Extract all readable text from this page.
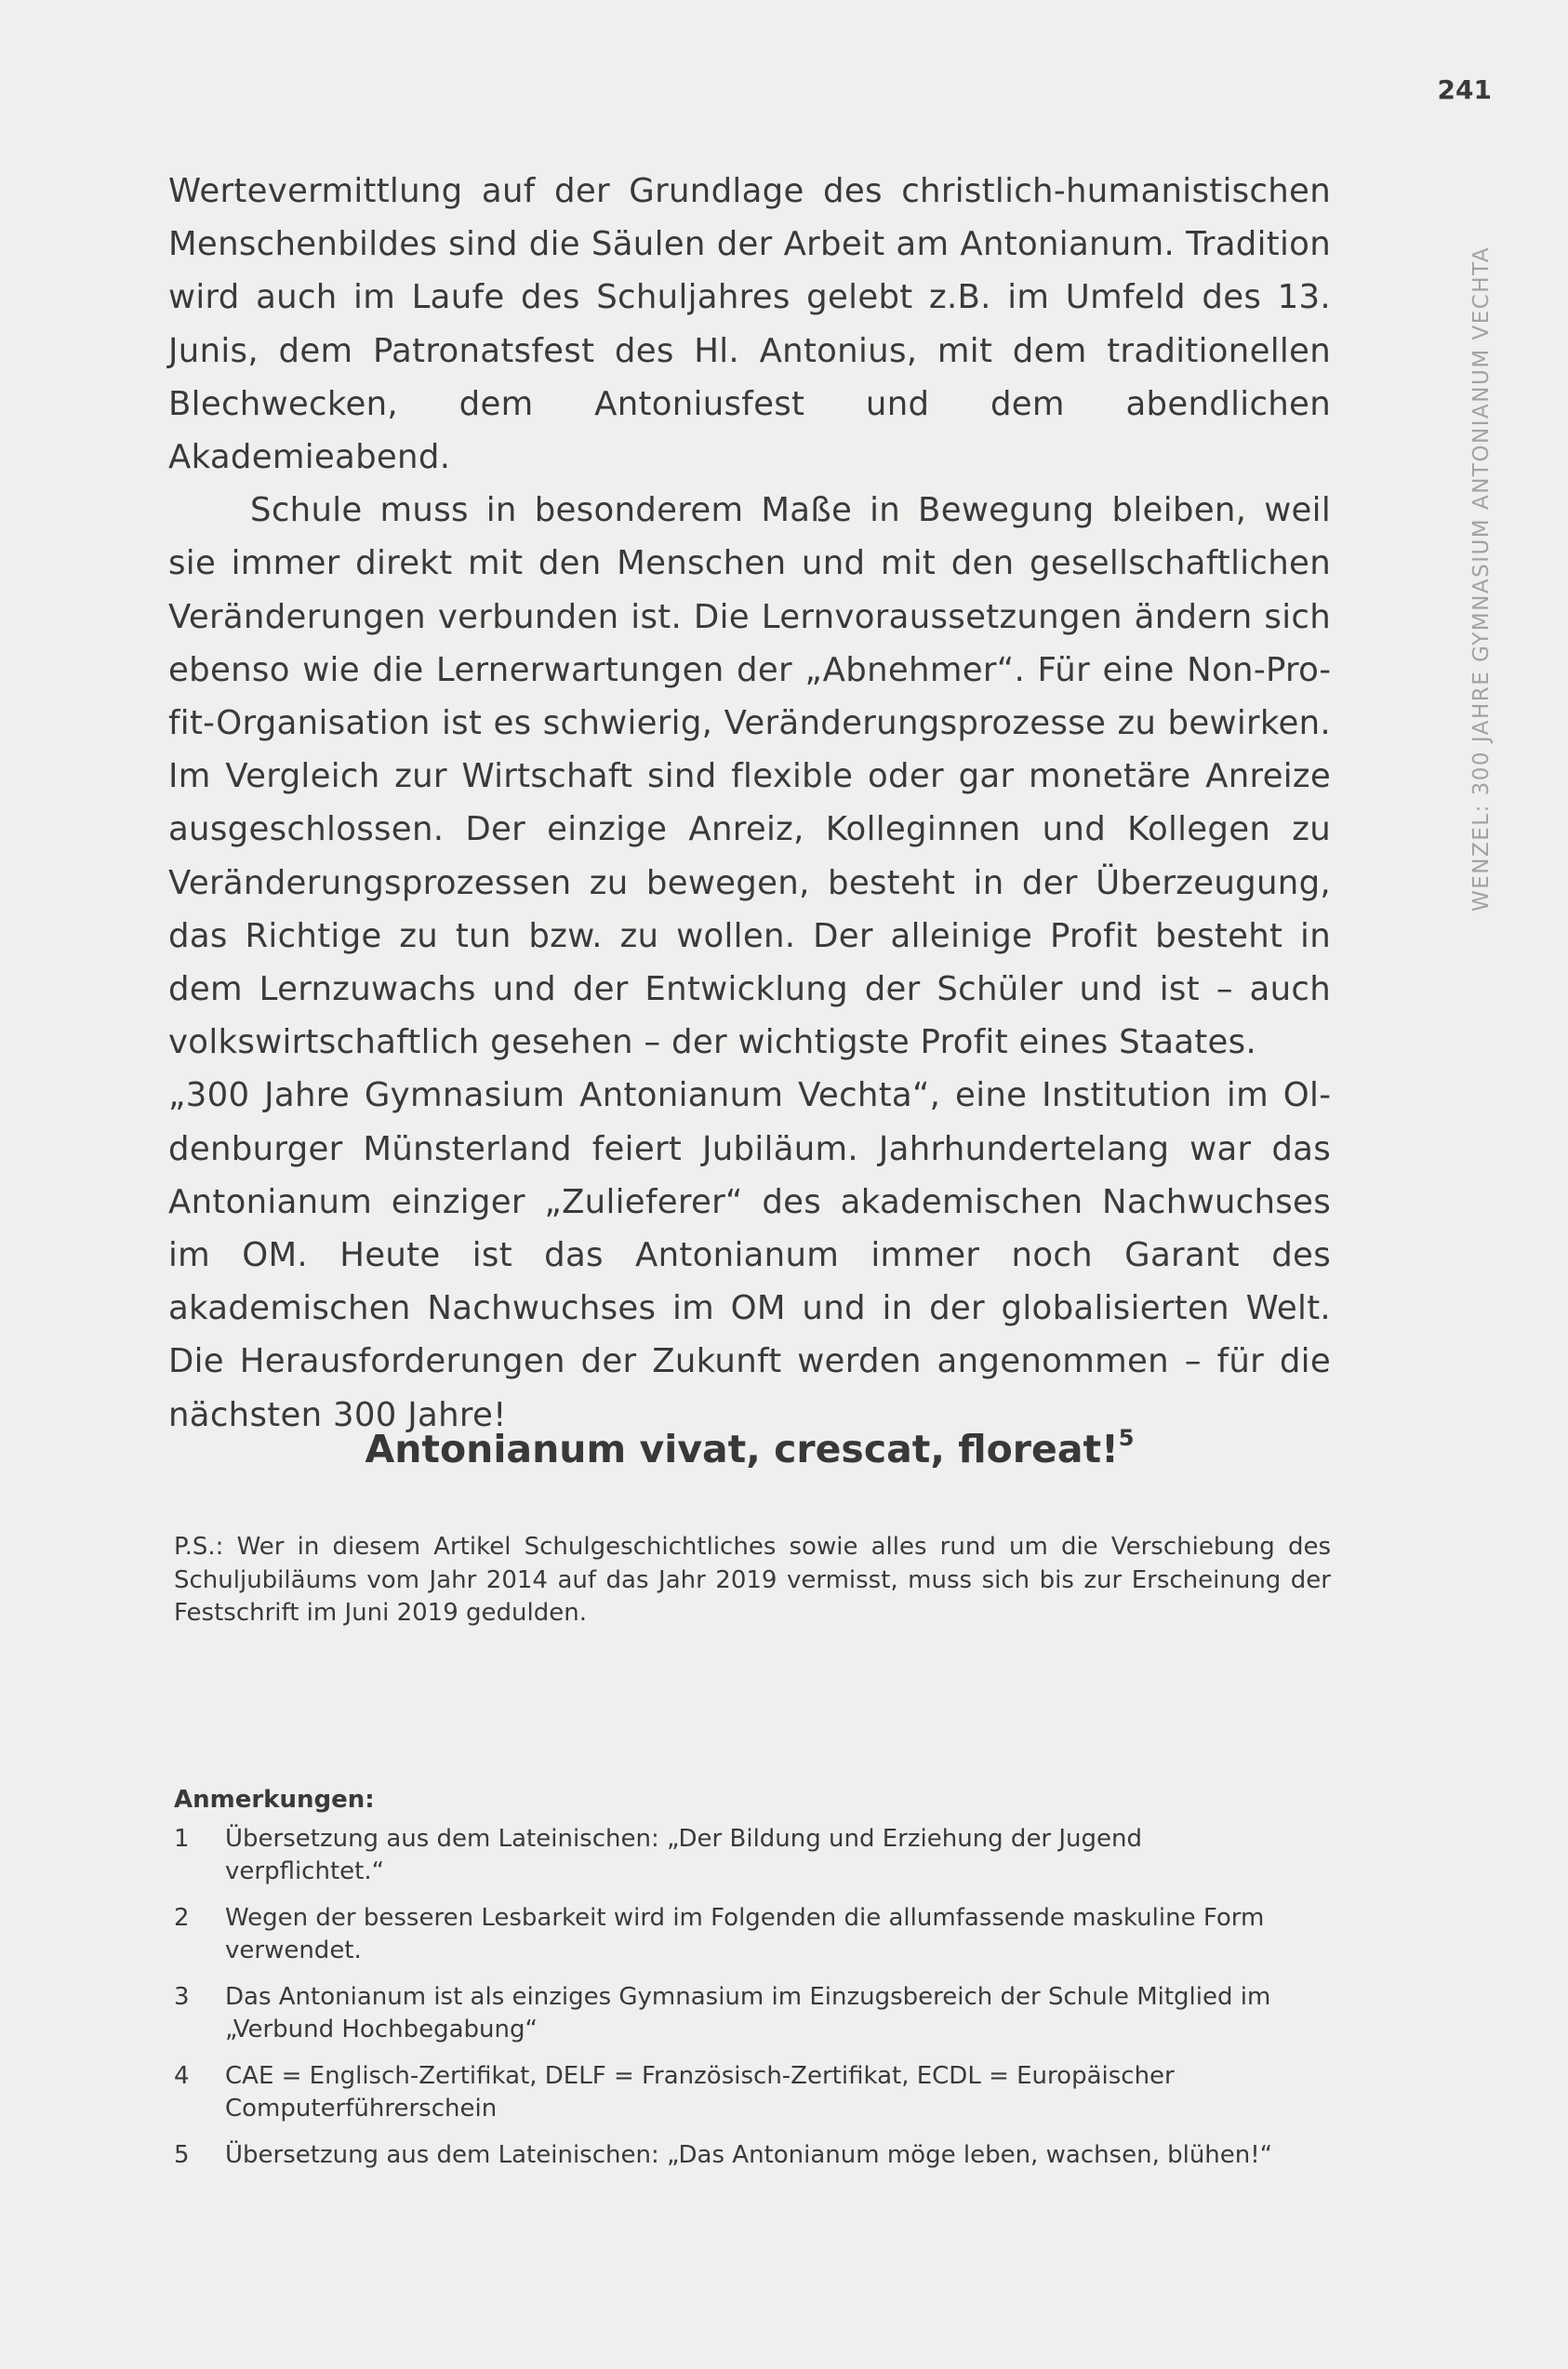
241
WENZEL: 300 JAHRE GYMNASIUM ANTONIANUM VECHTA

Wertevermittlung auf der Grundlage des christlich-humanistischen Menschenbildes sind die Säulen der Arbeit am Antonianum. Tradition wird auch im Laufe des Schuljahres gelebt z.B. im Umfeld des 13. Junis, dem Patronatsfest des Hl. Antonius, mit dem traditionellen Blechwecken, dem Antoniusfest und dem abendlichen Akademieabend.

Schule muss in besonderem Maße in Bewegung bleiben, weil sie immer direkt mit den Menschen und mit den gesellschaftlichen Veränderungen verbunden ist. Die Lernvoraussetzungen ändern sich ebenso wie die Lernerwartungen der „Abnehmer“. Für eine Non-Profit-Organisation ist es schwierig, Veränderungsprozesse zu bewirken. Im Vergleich zur Wirtschaft sind flexible oder gar monetäre Anreize ausgeschlossen. Der einzige Anreiz, Kolleginnen und Kollegen zu Veränderungsprozessen zu bewegen, besteht in der Überzeugung, das Richtige zu tun bzw. zu wollen. Der alleinige Profit besteht in dem Lernzuwachs und der Entwicklung der Schüler und ist – auch volkswirtschaftlich gesehen – der wichtigste Profit eines Staates.

„300 Jahre Gymnasium Antonianum Vechta“, eine Institution im Oldenburger Münsterland feiert Jubiläum. Jahrhundertelang war das Antonianum einziger „Zulieferer“ des akademischen Nachwuchses im OM. Heute ist das Antonianum immer noch Garant des akademischen Nachwuchses im OM und in der globalisierten Welt. Die Herausforderungen der Zukunft werden angenommen – für die nächsten 300 Jahre!

Antonianum vivat, crescat, floreat!$^5$
P.S.: Wer in diesem Artikel Schulgeschichtliches sowie alles rund um die Verschiebung des Schuljubiläums vom Jahr 2014 auf das Jahr 2019 vermisst, muss sich bis zur Erscheinung der Festschrift im Juni 2019 gedulden.
Anmerkungen:
1	Übersetzung aus dem Lateinischen: „Der Bildung und Erziehung der Jugend verpflichtet.“
2	Wegen der besseren Lesbarkeit wird im Folgenden die allumfassende maskuline Form verwendet.
3	Das Antonianum ist als einziges Gymnasium im Einzugsbereich der Schule Mitglied im „Verbund Hochbegabung“
4	CAE = Englisch-Zertifikat, DELF = Französisch-Zertifikat, ECDL = Europäischer Computerführerschein
5	Übersetzung aus dem Lateinischen: „Das Antonianum möge leben, wachsen, blühen!“
